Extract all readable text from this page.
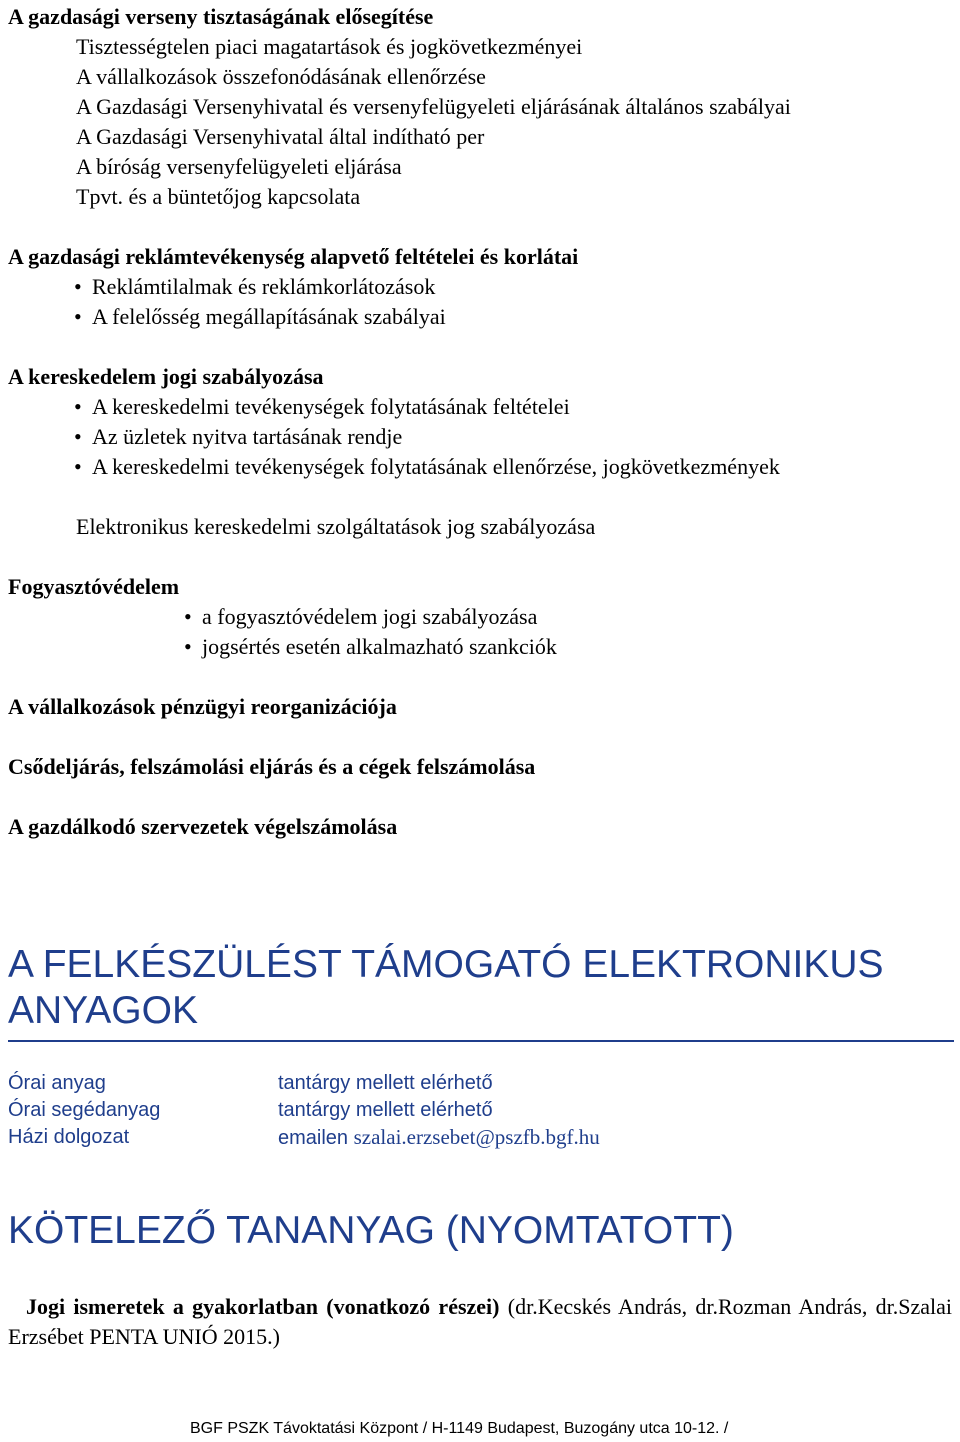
A gazdasági verseny tisztaságának elősegítése
Tisztességtelen piaci magatartások és jogkövetkezményei
A vállalkozások összefonódásának ellenőrzése
A Gazdasági Versenyhivatal és versenyfelügyeleti eljárásának általános szabályai
A Gazdasági Versenyhivatal által indítható per
A bíróság versenyfelügyeleti eljárása
Tpvt. és a büntetőjog kapcsolata
A gazdasági reklámtevékenység alapvető feltételei és korlátai
• Reklámtilalmak és reklámkorlátozások
• A felelősség megállapításának szabályai
A kereskedelem jogi szabályozása
• A kereskedelmi tevékenységek folytatásának feltételei
• Az üzletek nyitva tartásának rendje
• A kereskedelmi tevékenységek folytatásának ellenőrzése, jogkövetkezmények
Elektronikus kereskedelmi szolgáltatások jog szabályozása
Fogyasztóvédelem
• a fogyasztóvédelem jogi szabályozása
• jogsértés esetén alkalmazható szankciók
A vállalkozások pénzügyi reorganizációja
Csődeljárás, felszámolási eljárás és a cégek felszámolása
A gazdálkodó szervezetek végelszámolása
A FELKÉSZÜLÉST TÁMOGATÓ ELEKTRONIKUS
ANYAGOK
Órai anyag	tantárgy mellett elérhető
Órai segédanyag	tantárgy mellett elérhető
Házi dolgozat	emailen szalai.erzsebet@pszfb.bgf.hu
KÖTELEZŐ TANANYAG (NYOMTATOTT)
Jogi ismeretek a gyakorlatban (vonatkozó részei) (dr.Kecskés András, dr.Rozman András, dr.Szalai Erzsébet PENTA UNIÓ 2015.)
BGF PSZK Távoktatási Központ / H-1149 Budapest, Buzogány utca 10-12. /
